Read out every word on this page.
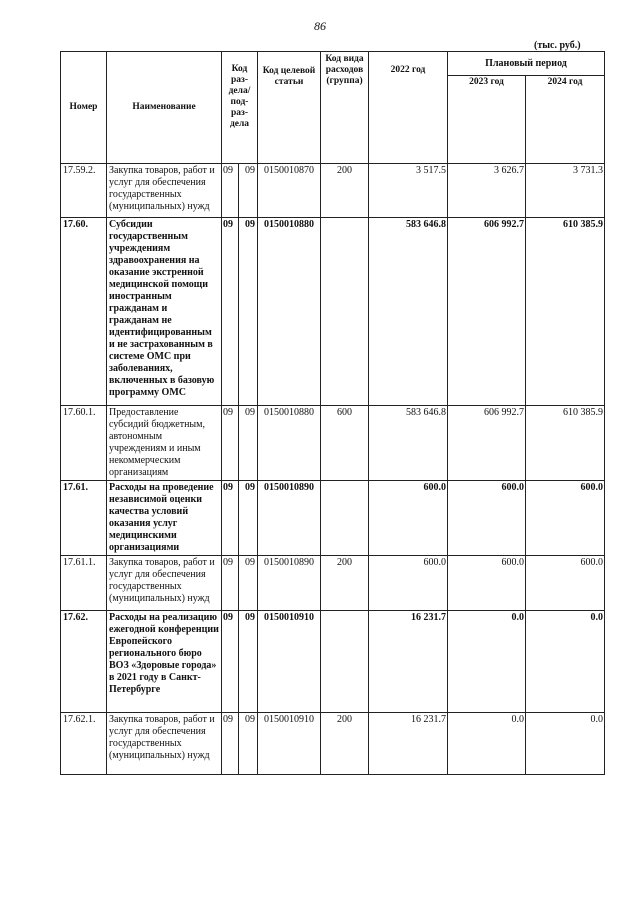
86
(тыс. руб.)
Номер	Наименование	Код раз-дела/ под-раз-дела		Код целевой статьи	Код вида расходов (группа)	2022 год	Плановый период	
							2023 год	2024 год
17.59.2.	Закупка товаров, работ и услуг для обеспечения государственных (муниципальных) нужд	09	09	0150010870	200	3 517.5	3 626.7	3 731.3
17.60.	Субсидии государственным учреждениям здравоохранения на оказание экстренной медицинской помощи иностранным гражданам и гражданам не идентифицированным и не застрахованным в системе ОМС при заболеваниях, включенных в базовую программу ОМС	09	09	0150010880		583 646.8	606 992.7	610 385.9
17.60.1.	Предоставление субсидий бюджетным, автономным учреждениям и иным некоммерческим организациям	09	09	0150010880	600	583 646.8	606 992.7	610 385.9
17.61.	Расходы на проведение независимой оценки качества условий оказания услуг медицинскими организациями	09	09	0150010890		600.0	600.0	600.0
17.61.1.	Закупка товаров, работ и услуг для обеспечения государственных (муниципальных) нужд	09	09	0150010890	200	600.0	600.0	600.0
17.62.	Расходы на реализацию ежегодной конференции Европейского регионального бюро ВОЗ «Здоровые города» в 2021 году в Санкт-Петербурге	09	09	0150010910		16 231.7	0.0	0.0
17.62.1.	Закупка товаров, работ и услуг для обеспечения государственных (муниципальных) нужд	09	09	0150010910	200	16 231.7	0.0	0.0
